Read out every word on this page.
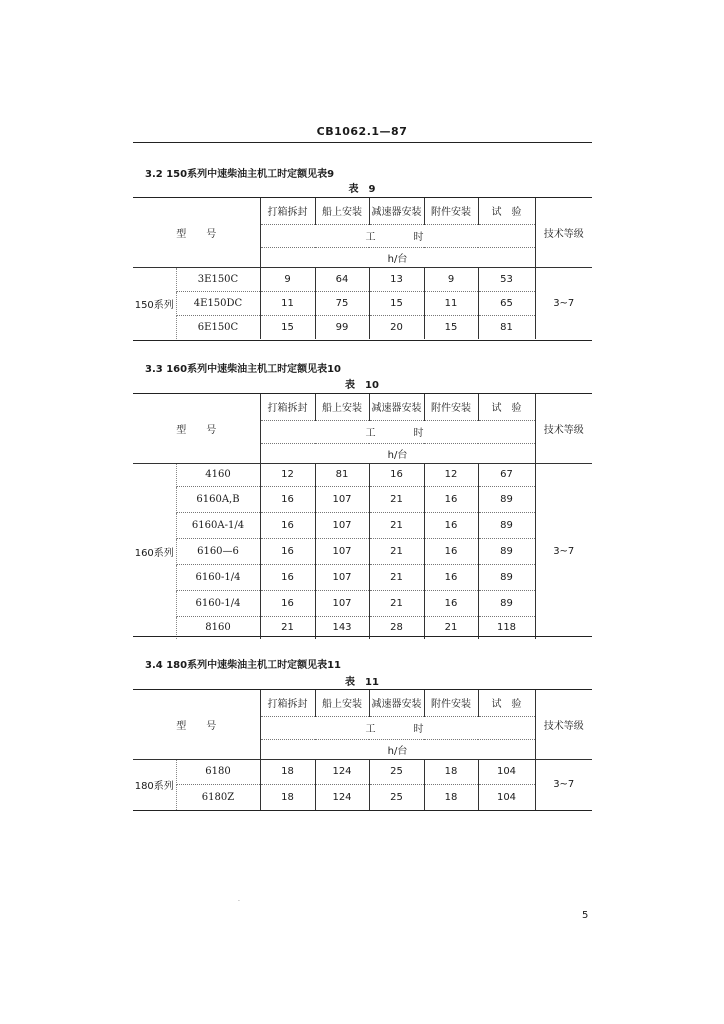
CB1062.1—87
3.2 150系列中速柴油主机工时定额见表9
表　9
型　　号		打箱拆封	船上安装	减速器安装	附件安装	试　验	技术等级
		工　　时					
		h/台					
150系列	3E150C	9	64	13	9	53	3~7
	4E150DC	11	75	15	11	65	
	6E150C	15	99	20	15	81	
3.3 160系列中速柴油主机工时定额见表10
表　10
型　　号		打箱拆封	船上安装	减速器安装	附件安装	试　验	技术等级
		工　　时					
		h/台					
160系列	4160	12	81	16	12	67	3~7
	6160A,B	16	107	21	16	89	
	6160A-1/4	16	107	21	16	89	
	6160—6	16	107	21	16	89	
	6160-1/4	16	107	21	16	89	
	6160-1/4	16	107	21	16	89	
	8160	21	143	28	21	118	
3.4 180系列中速柴油主机工时定额见表11
表　11
型　　号		打箱拆封	船上安装	减速器安装	附件安装	试　验	技术等级
		工　　时					
		h/台					
180系列	6180	18	124	25	18	104	3~7
	6180Z	18	124	25	18	104	
·
5
